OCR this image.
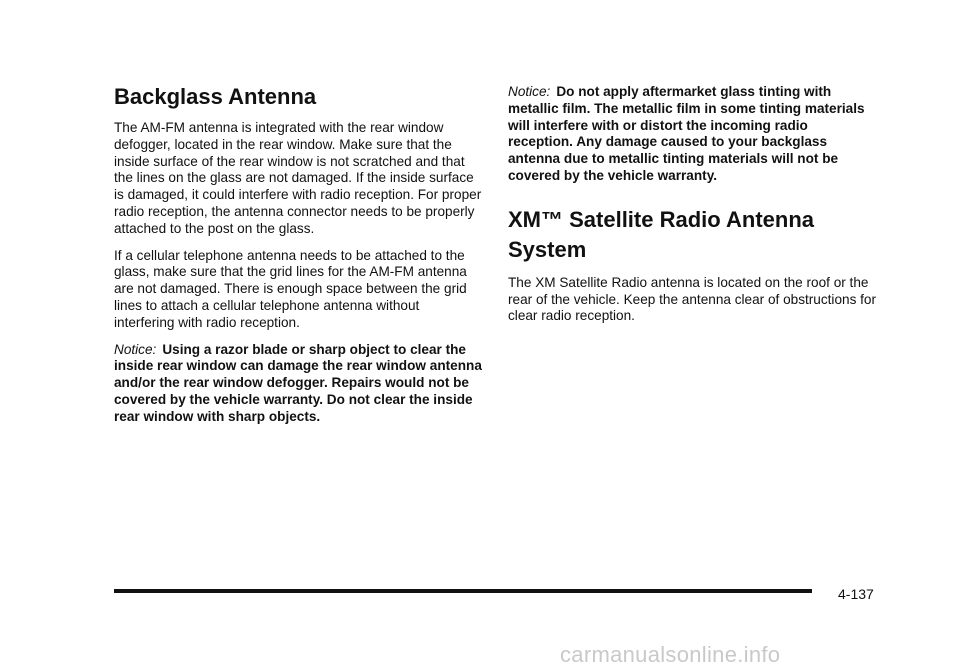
Backglass Antenna

The AM-FM antenna is integrated with the rear window defogger, located in the rear window. Make sure that the inside surface of the rear window is not scratched and that the lines on the glass are not damaged. If the inside surface is damaged, it could interfere with radio reception. For proper radio reception, the antenna connector needs to be properly attached to the post on the glass.

If a cellular telephone antenna needs to be attached to the glass, make sure that the grid lines for the AM-FM antenna are not damaged. There is enough space between the grid lines to attach a cellular telephone antenna without interfering with radio reception.

Notice: Using a razor blade or sharp object to clear the inside rear window can damage the rear window antenna and/or the rear window defogger. Repairs would not be covered by the vehicle warranty. Do not clear the inside rear window with sharp objects.

Notice: Do not apply aftermarket glass tinting with metallic film. The metallic film in some tinting materials will interfere with or distort the incoming radio reception. Any damage caused to your backglass antenna due to metallic tinting materials will not be covered by the vehicle warranty.

XM™ Satellite Radio Antenna System

The XM Satellite Radio antenna is located on the roof or the rear of the vehicle. Keep the antenna clear of obstructions for clear radio reception.

4-137
carmanualsonline.info
